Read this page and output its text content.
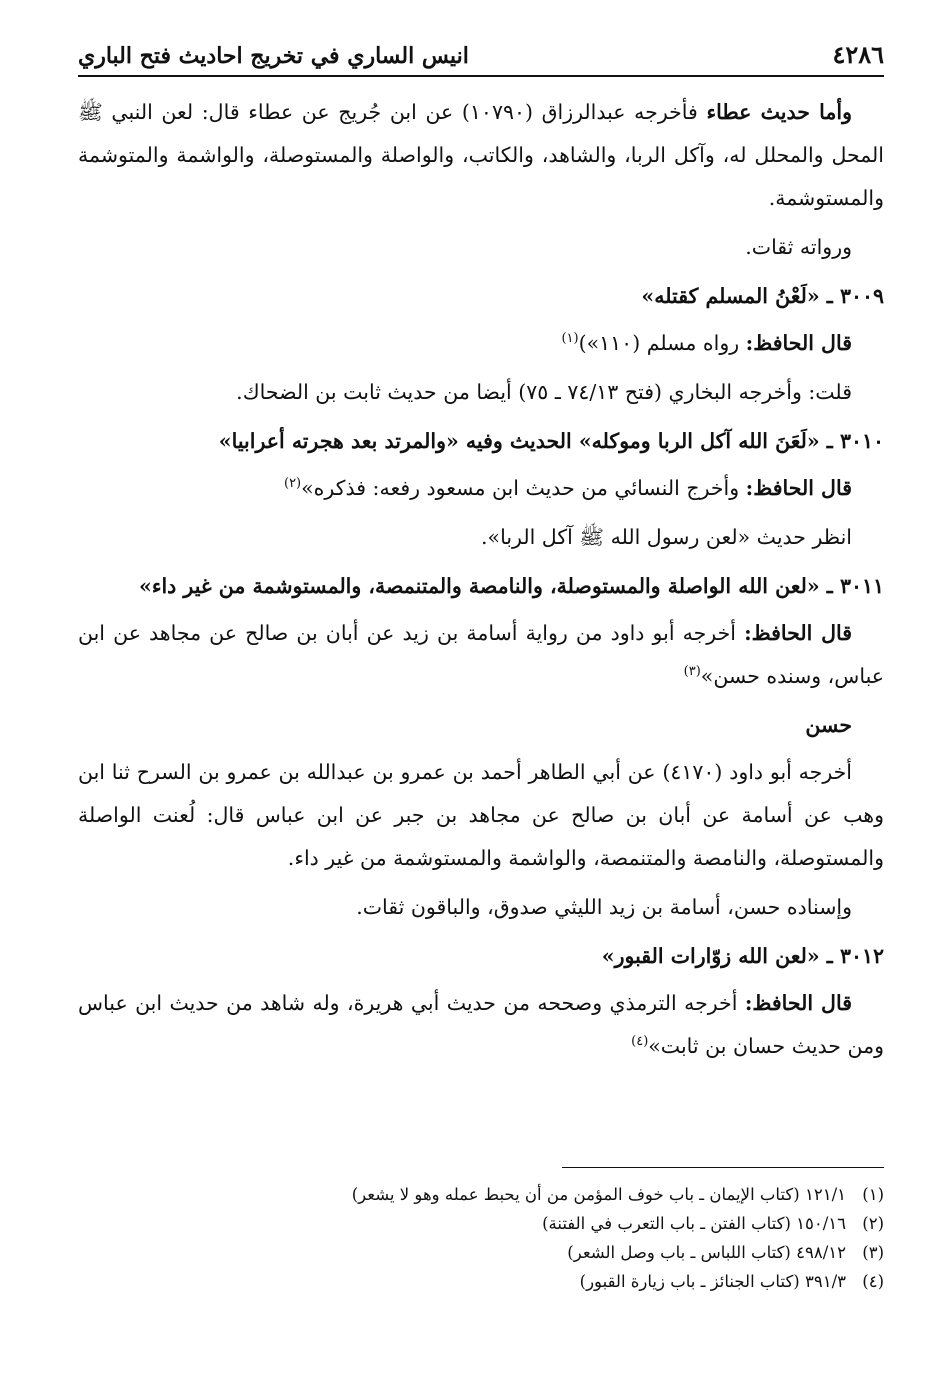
٤٢٨٦
انيس الساري في تخريج احاديث فتح الباري

وأما حديث عطاء فأخرجه عبدالرزاق (١٠٧٩٠) عن ابن جُريج عن عطاء قال: لعن النبي ﷺ المحل والمحلل له، وآكل الربا، والشاهد، والكاتب، والواصلة والمستوصلة، والواشمة والمتوشمة والمستوشمة.

ورواته ثقات.

٣٠٠٩ ـ «لَعْنُ المسلم كقتله»

قال الحافظ: رواه مسلم (١١٠»)$^{(١)}$

قلت: وأخرجه البخاري (فتح ٧٤/١٣ ـ ٧٥) أيضا من حديث ثابت بن الضحاك.

٣٠١٠ ـ «لَعَنَ الله آكل الربا وموكله» الحديث وفيه «والمرتد بعد هجرته أعرابيا»

قال الحافظ: وأخرج النسائي من حديث ابن مسعود رفعه: فذكره»$^{(٢)}$

انظر حديث «لعن رسول الله ﷺ آكل الربا».

٣٠١١ ـ «لعن الله الواصلة والمستوصلة، والنامصة والمتنمصة، والمستوشمة من غير داء»

قال الحافظ: أخرجه أبو داود من رواية أسامة بن زيد عن أبان بن صالح عن مجاهد عن ابن عباس، وسنده حسن»$^{(٣)}$

حسن

أخرجه أبو داود (٤١٧٠) عن أبي الطاهر أحمد بن عمرو بن عبدالله بن عمرو بن السرح ثنا ابن وهب عن أسامة عن أبان بن صالح عن مجاهد بن جبر عن ابن عباس قال: لُعنت الواصلة والمستوصلة، والنامصة والمتنمصة، والواشمة والمستوشمة من غير داء.

وإسناده حسن، أسامة بن زيد الليثي صدوق، والباقون ثقات.

٣٠١٢ ـ «لعن الله زوّارات القبور»

قال الحافظ: أخرجه الترمذي وصححه من حديث أبي هريرة، وله شاهد من حديث ابن عباس ومن حديث حسان بن ثابت»$^{(٤)}$

(١)
١٢١/١ (كتاب الإيمان ـ باب خوف المؤمن من أن يحبط عمله وهو لا يشعر)
(٢)
١٥٠/١٦ (كتاب الفتن ـ باب التعرب في الفتنة)
(٣)
٤٩٨/١٢ (كتاب اللباس ـ باب وصل الشعر)
(٤)
٣٩١/٣ (كتاب الجنائز ـ باب زيارة القبور)
